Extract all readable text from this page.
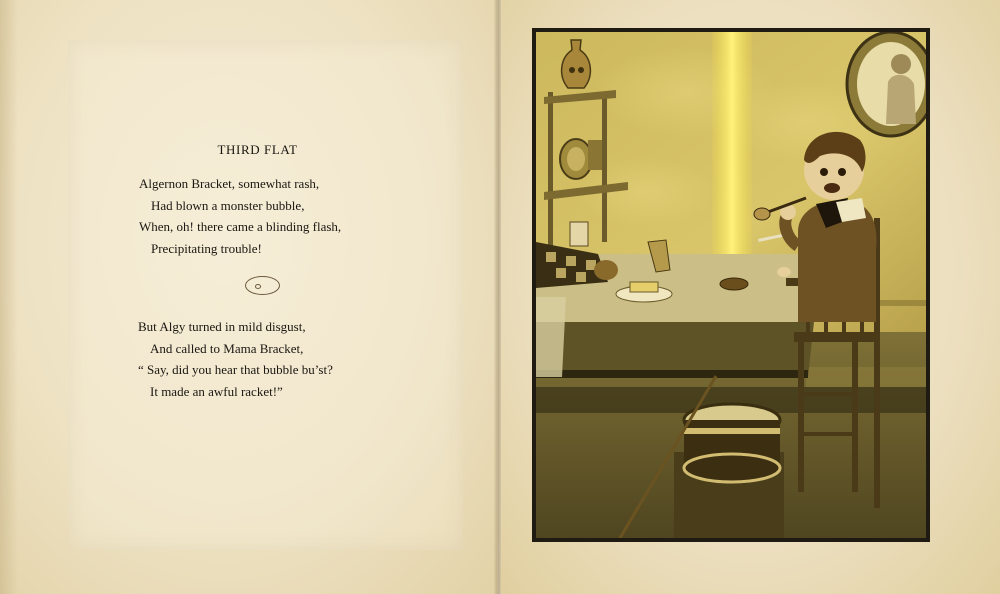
THIRD FLAT
Algernon Bracket, somewhat rash,
Had blown a monster bubble,
When, oh! there came a blinding flash,
Precipitating trouble!
But Algy turned in mild disgust,
And called to Mama Bracket,
“ Say, did you hear that bubble bu’st?
It made an awful racket!”
